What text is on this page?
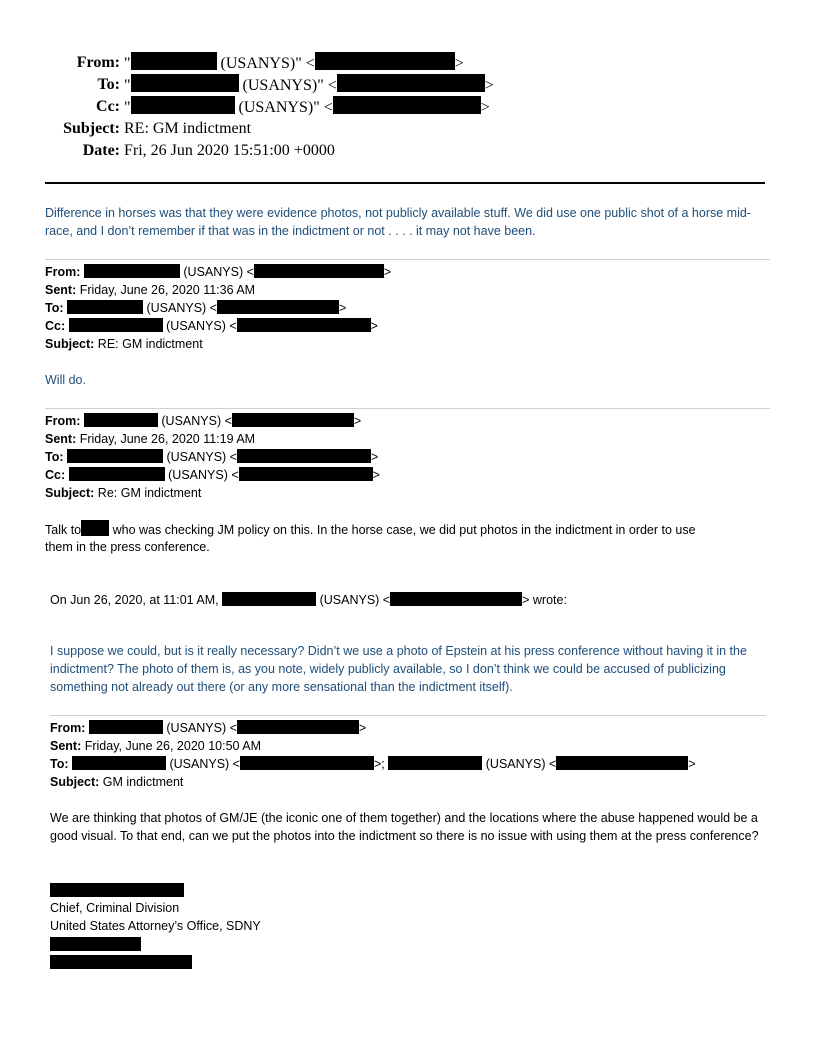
From: "	(USANYS)" <	>
To: "	(USANYS)" <	>
Cc: "	(USANYS)" <	>
Subject: RE: GM indictment
Date: Fri, 26 Jun 2020 15:51:00 +0000
Difference in horses was that they were evidence photos, not publicly available stuff. We did use one public shot of a horse mid-race, and I don’t remember if that was in the indictment or not . . . . it may not have been.
From:	(USANYS) <	>
Sent: Friday, June 26, 2020 11:36 AM
To:	(USANYS) <	>
Cc:	(USANYS) <	>
Subject: RE: GM indictment
Will do.
From:	(USANYS) <	>
Sent: Friday, June 26, 2020 11:19 AM
To:	(USANYS) <	>
Cc:	(USANYS) <	>
Subject: Re: GM indictment
Talk to who was checking JM policy on this. In the horse case, we did put photos in the indictment in order to use
them in the press conference.
On Jun 26, 2020, at 11:01 AM,	(USANYS) <	> wrote:
I suppose we could, but is it really necessary? Didn’t we use a photo of Epstein at his press conference without having it in the indictment? The photo of them is, as you note, widely publicly available, so I don’t think we could be accused of publicizing something not already out there (or any more sensational than the indictment itself).
From:	(USANYS) <	>
Sent: Friday, June 26, 2020 10:50 AM
To:	(USANYS) <	>;	(USANYS) <	>
Subject: GM indictment
We are thinking that photos of GM/JE (the iconic one of them together) and the locations where the abuse happened would be a good visual. To that end, can we put the photos into the indictment so there is no issue with using them at the press conference?
Chief, Criminal Division
United States Attorney’s Office, SDNY
